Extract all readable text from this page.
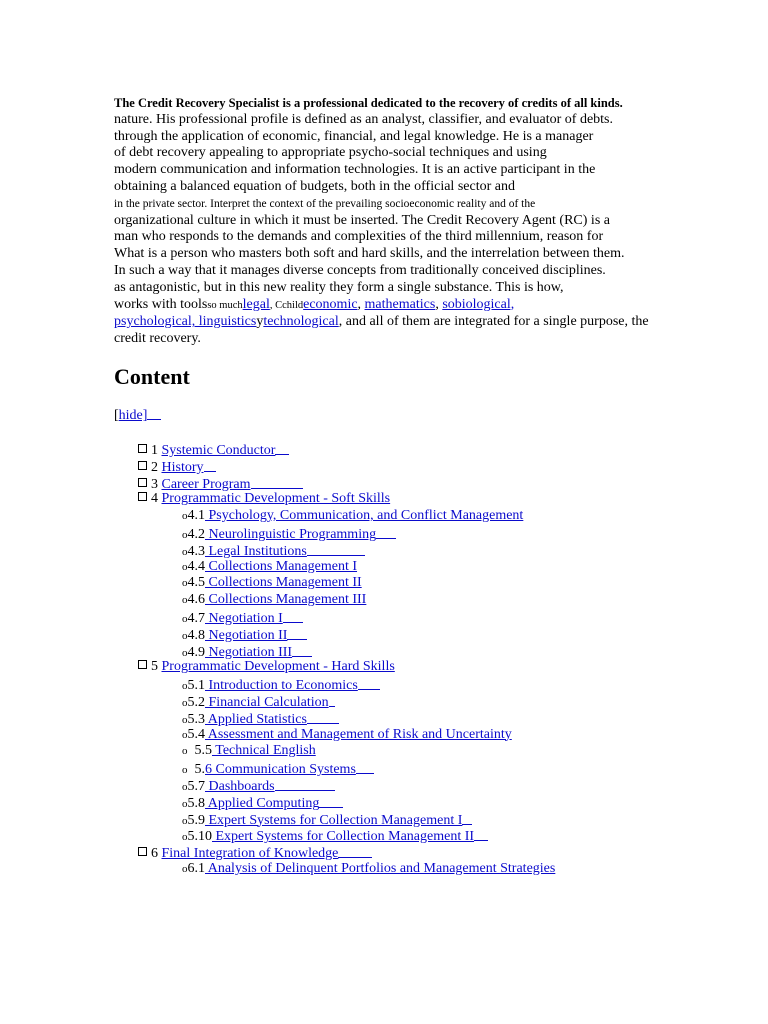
The Credit Recovery Specialist is a professional dedicated to the recovery of credits of all kinds.
nature. His professional profile is defined as an analyst, classifier, and evaluator of debts.
through the application of economic, financial, and legal knowledge. He is a manager
of debt recovery appealing to appropriate psycho-social techniques and using
modern communication and information technologies. It is an active participant in the
obtaining a balanced equation of budgets, both in the official sector and
in the private sector. Interpret the context of the prevailing socioeconomic reality and of the
organizational culture in which it must be inserted. The Credit Recovery Agent (RC) is a
man who responds to the demands and complexities of the third millennium, reason for
What is a person who masters both soft and hard skills, and the interrelation between them.
In such a way that it manages diverse concepts from traditionally conceived disciplines.
as antagonistic, but in this new reality they form a single substance. This is how,
works with toolsso muchlegal, Cchildeconomic, mathematics, sobiological,
psychological, linguisticsytechnological, and all of them are integrated for a single purpose, the
credit recovery.
Content
[hide]
1 Systemic Conductor
2 History
3 Career Program
4 Programmatic Development - Soft Skills
o4.1 Psychology, Communication, and Conflict Management
o4.2 Neurolinguistic Programming
o4.3 Legal Institutions
o4.4 Collections Management I
o4.5 Collections Management II
o4.6 Collections Management III
o4.7 Negotiation I
o4.8 Negotiation II
o4.9 Negotiation III
5 Programmatic Development - Hard Skills
o5.1 Introduction to Economics
o5.2 Financial Calculation
o5.3 Applied Statistics
o5.4 Assessment and Management of Risk and Uncertainty
o  5.5 Technical English
o  5.6 Communication Systems
o5.7 Dashboards
o5.8 Applied Computing
o5.9 Expert Systems for Collection Management I
o5.10 Expert Systems for Collection Management II
6 Final Integration of Knowledge
o6.1 Analysis of Delinquent Portfolios and Management Strategies
